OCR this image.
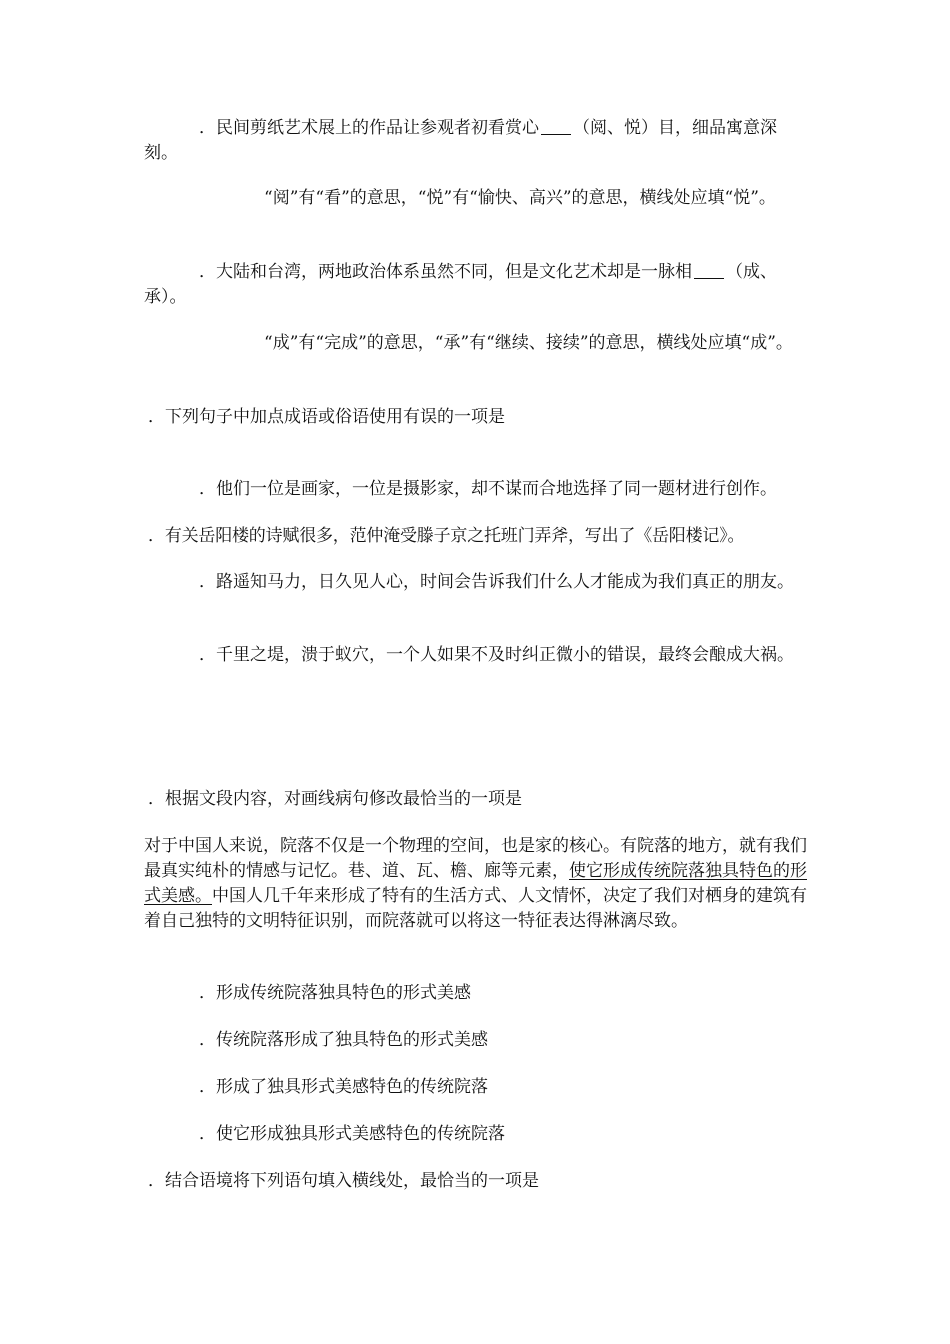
．民间剪纸艺术展上的作品让参观者初看赏心 （阅、悦）目，细品寓意深刻。

“阅”有“看”的意思，“悦”有“愉快、高兴”的意思，横线处应填“悦”。

．大陆和台湾，两地政治体系虽然不同，但是文化艺术却是一脉相 （成、承）。

“成”有“完成”的意思，“承”有“继续、接续”的意思，横线处应填“成”。

．下列句子中加点成语或俗语使用有误的一项是

．他们一位是画家，一位是摄影家，却不谋而合地选择了同一题材进行创作。

．有关岳阳楼的诗赋很多，范仲淹受滕子京之托班门弄斧，写出了《岳阳楼记》。

．路遥知马力，日久见人心，时间会告诉我们什么人才能成为我们真正的朋友。

．千里之堤，溃于蚁穴，一个人如果不及时纠正微小的错误，最终会酿成大祸。

．根据文段内容，对画线病句修改最恰当的一项是

对于中国人来说，院落不仅是一个物理的空间，也是家的核心。有院落的地方，就有我们最真实纯朴的情感与记忆。巷、道、瓦、檐、廊等元素，使它形成传统院落独具特色的形式美感。中国人几千年来形成了特有的生活方式、人文情怀，决定了我们对栖身的建筑有着自己独特的文明特征识别，而院落就可以将这一特征表达得淋漓尽致。

．形成传统院落独具特色的形式美感

．传统院落形成了独具特色的形式美感

．形成了独具形式美感特色的传统院落

．使它形成独具形式美感特色的传统院落

．结合语境将下列语句填入横线处，最恰当的一项是
